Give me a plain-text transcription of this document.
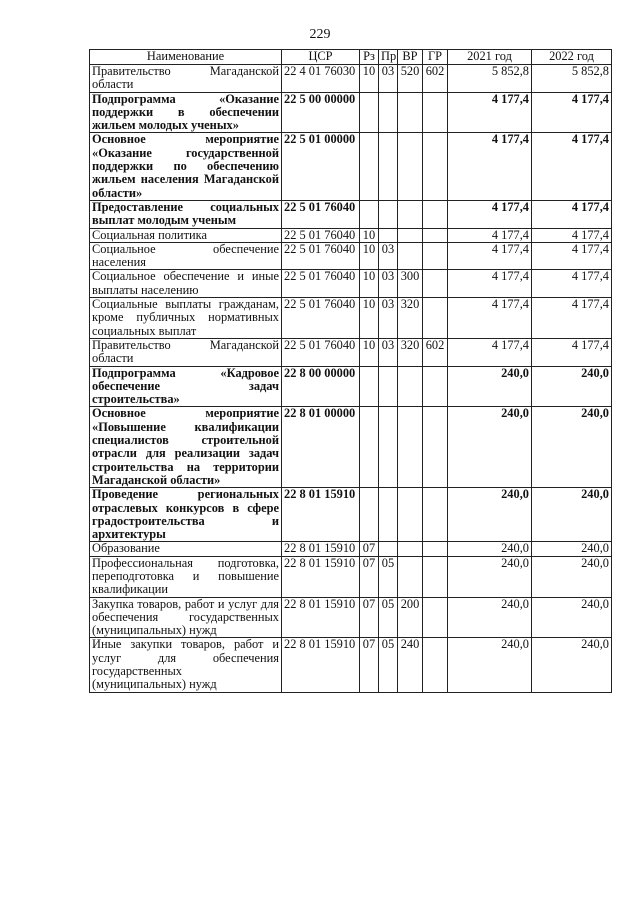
229
Наименование	ЦСР	Рз	Пр	ВР	ГР	2021 год	2022 год
Правительство Магаданской области	22 4 01 76030	10	03	520	602	5 852,8	5 852,8
Подпрограмма «Оказание поддержки в обеспечении жильем молодых ученых»	22 5 00 00000					4 177,4	4 177,4
Основное мероприятие «Оказание государственной поддержки по обеспечению жильем населения Магаданской области»	22 5 01 00000					4 177,4	4 177,4
Предоставление социальных выплат молодым ученым	22 5 01 76040					4 177,4	4 177,4
Социальная политика	22 5 01 76040	10				4 177,4	4 177,4
Социальное обеспечение населения	22 5 01 76040	10	03			4 177,4	4 177,4
Социальное обеспечение и иные выплаты населению	22 5 01 76040	10	03	300		4 177,4	4 177,4
Социальные выплаты гражданам, кроме публичных нормативных социальных выплат	22 5 01 76040	10	03	320		4 177,4	4 177,4
Правительство Магаданской области	22 5 01 76040	10	03	320	602	4 177,4	4 177,4
Подпрограмма «Кадровое обеспечение задач строительства»	22 8 00 00000					240,0	240,0
Основное мероприятие «Повышение квалификации специалистов строительной отрасли для реализации задач строительства на территории Магаданской области»	22 8 01 00000					240,0	240,0
Проведение региональных отраслевых конкурсов в сфере градостроительства и архитектуры	22 8 01 15910					240,0	240,0
Образование	22 8 01 15910	07				240,0	240,0
Профессиональная подготовка, переподготовка и повышение квалификации	22 8 01 15910	07	05			240,0	240,0
Закупка товаров, работ и услуг для обеспечения государственных (муниципальных) нужд	22 8 01 15910	07	05	200		240,0	240,0
Иные закупки товаров, работ и услуг для обеспечения государственных (муниципальных) нужд	22 8 01 15910	07	05	240		240,0	240,0
